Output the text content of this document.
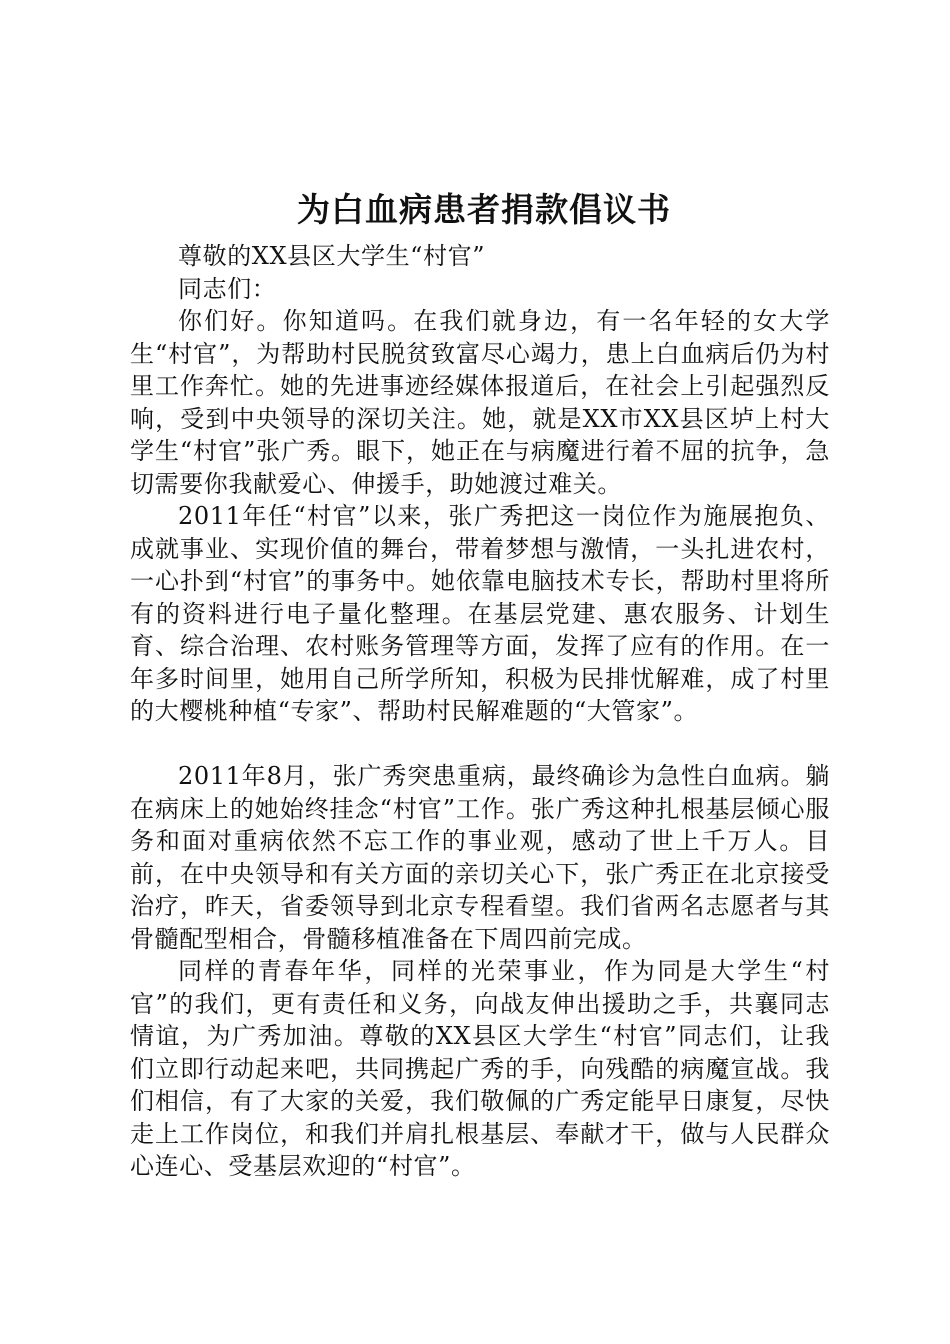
为白血病患者捐款倡议书

尊敬的XX县区大学生“村官”

同志们：

你们好。你知道吗。在我们就身边，有一名年轻的女大学生“村官”，为帮助村民脱贫致富尽心竭力，患上白血病后仍为村里工作奔忙。她的先进事迹经媒体报道后，在社会上引起强烈反响，受到中央领导的深切关注。她，就是XX市XX县区垆上村大学生“村官”张广秀。眼下，她正在与病魔进行着不屈的抗争，急切需要你我献爱心、伸援手，助她渡过难关。

2011年任“村官”以来，张广秀把这一岗位作为施展抱负、成就事业、实现价值的舞台，带着梦想与激情，一头扎进农村，一心扑到“村官”的事务中。她依靠电脑技术专长，帮助村里将所有的资料进行电子量化整理。在基层党建、惠农服务、计划生育、综合治理、农村账务管理等方面，发挥了应有的作用。在一年多时间里，她用自己所学所知，积极为民排忧解难，成了村里的大樱桃种植“专家”、帮助村民解难题的“大管家”。

2011年8月，张广秀突患重病，最终确诊为急性白血病。躺在病床上的她始终挂念“村官”工作。张广秀这种扎根基层倾心服务和面对重病依然不忘工作的事业观，感动了世上千万人。目前，在中央领导和有关方面的亲切关心下，张广秀正在北京接受治疗，昨天，省委领导到北京专程看望。我们省两名志愿者与其骨髓配型相合，骨髓移植准备在下周四前完成。

同样的青春年华，同样的光荣事业，作为同是大学生“村官”的我们，更有责任和义务，向战友伸出援助之手，共襄同志情谊，为广秀加油。尊敬的XX县区大学生“村官”同志们，让我们立即行动起来吧，共同携起广秀的手，向残酷的病魔宣战。我们相信，有了大家的关爱，我们敬佩的广秀定能早日康复，尽快走上工作岗位，和我们并肩扎根基层、奉献才干，做与人民群众心连心、受基层欢迎的“村官”。
